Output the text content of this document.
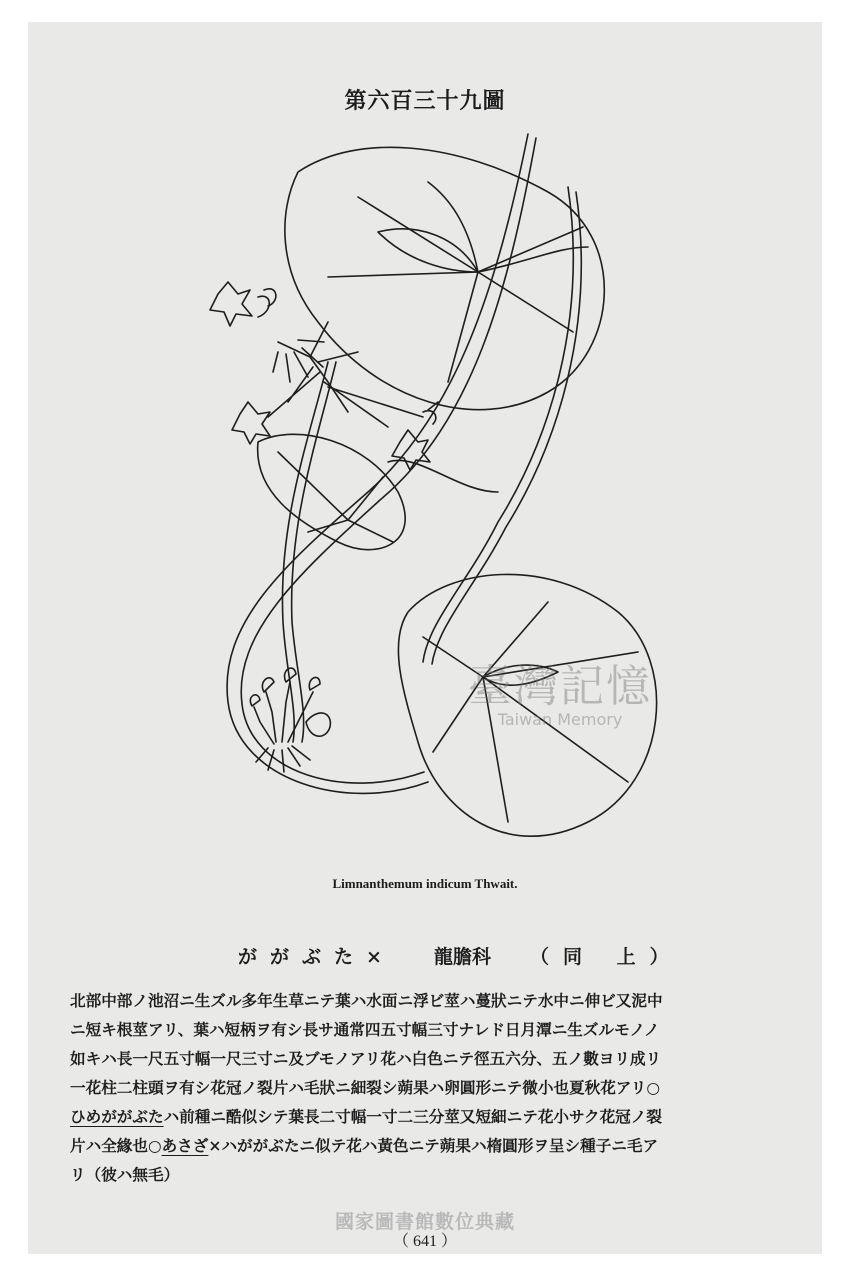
第六百三十九圖
臺灣記憶
Taiwan Memory
Limnanthemum indicum Thwait.
ががぶた× 龍膽科 （同 上）
北部中部ノ池沼ニ生ズル多年生草ニテ葉ハ水面ニ浮ビ莖ハ蔓狀ニテ水中ニ伸ビ又泥中
ニ短キ根莖アリ、葉ハ短柄ヲ有シ長サ通常四五寸幅三寸ナレド日月潭ニ生ズルモノノ
如キハ長一尺五寸幅一尺三寸ニ及ブモノアリ花ハ白色ニテ徑五六分、五ノ數ヨリ成リ
一花柱二柱頭ヲ有シ花冠ノ裂片ハ毛狀ニ細裂シ蒴果ハ卵圓形ニテ微小也夏秋花アリ○
ひめががぶたハ前種ニ酷似シテ葉長二寸幅一寸二三分莖又短細ニテ花小サク花冠ノ裂
片ハ全緣也○あさざ×ハががぶたニ似テ花ハ黃色ニテ蒴果ハ楕圓形ヲ呈シ種子ニ毛ア
リ（彼ハ無毛）
國家圖書館數位典藏
（ 641 ）
